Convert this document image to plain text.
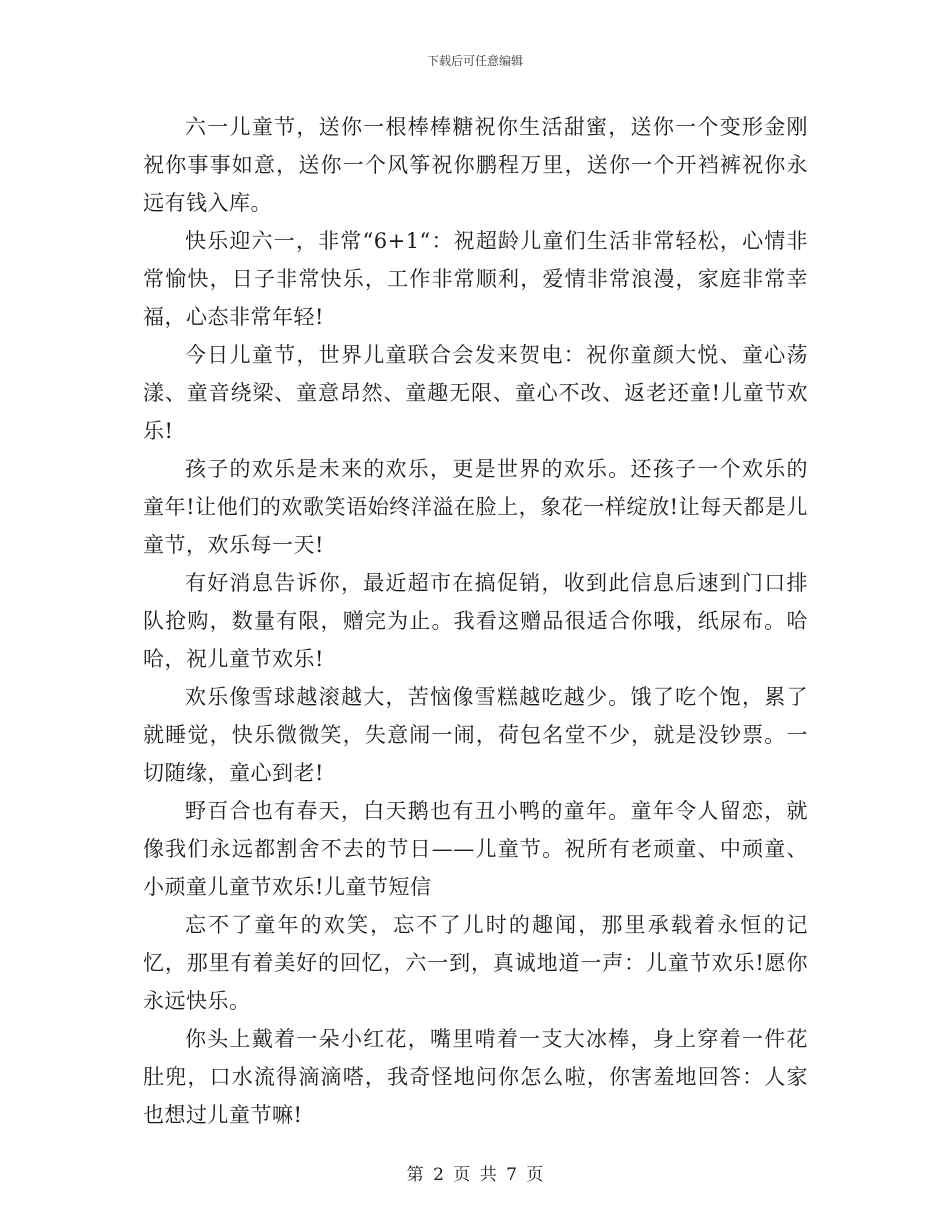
下载后可任意编辑

六一儿童节，送你一根棒棒糖祝你生活甜蜜，送你一个变形金刚祝你事事如意，送你一个风筝祝你鹏程万里，送你一个开裆裤祝你永远有钱入库。

快乐迎六一，非常“6+1“：祝超龄儿童们生活非常轻松，心情非常愉快，日子非常快乐，工作非常顺利，爱情非常浪漫，家庭非常幸福，心态非常年轻!

今日儿童节，世界儿童联合会发来贺电：祝你童颜大悦、童心荡漾、童音绕梁、童意昂然、童趣无限、童心不改、返老还童!儿童节欢乐!

孩子的欢乐是未来的欢乐，更是世界的欢乐。还孩子一个欢乐的童年!让他们的欢歌笑语始终洋溢在脸上，象花一样绽放!让每天都是儿童节，欢乐每一天!

有好消息告诉你，最近超市在搞促销，收到此信息后速到门口排队抢购，数量有限，赠完为止。我看这赠品很适合你哦，纸尿布。哈哈，祝儿童节欢乐!

欢乐像雪球越滚越大，苦恼像雪糕越吃越少。饿了吃个饱，累了就睡觉，快乐微微笑，失意闹一闹，荷包名堂不少，就是没钞票。一切随缘，童心到老!

野百合也有春天，白天鹅也有丑小鸭的童年。童年令人留恋，就像我们永远都割舍不去的节日——儿童节。祝所有老顽童、中顽童、小顽童儿童节欢乐!儿童节短信

忘不了童年的欢笑，忘不了儿时的趣闻，那里承载着永恒的记忆，那里有着美好的回忆，六一到，真诚地道一声：儿童节欢乐!愿你永远快乐。

你头上戴着一朵小红花，嘴里啃着一支大冰棒，身上穿着一件花肚兜，口水流得滴滴嗒，我奇怪地问你怎么啦，你害羞地回答：人家也想过儿童节嘛!

第 2 页 共 7 页
